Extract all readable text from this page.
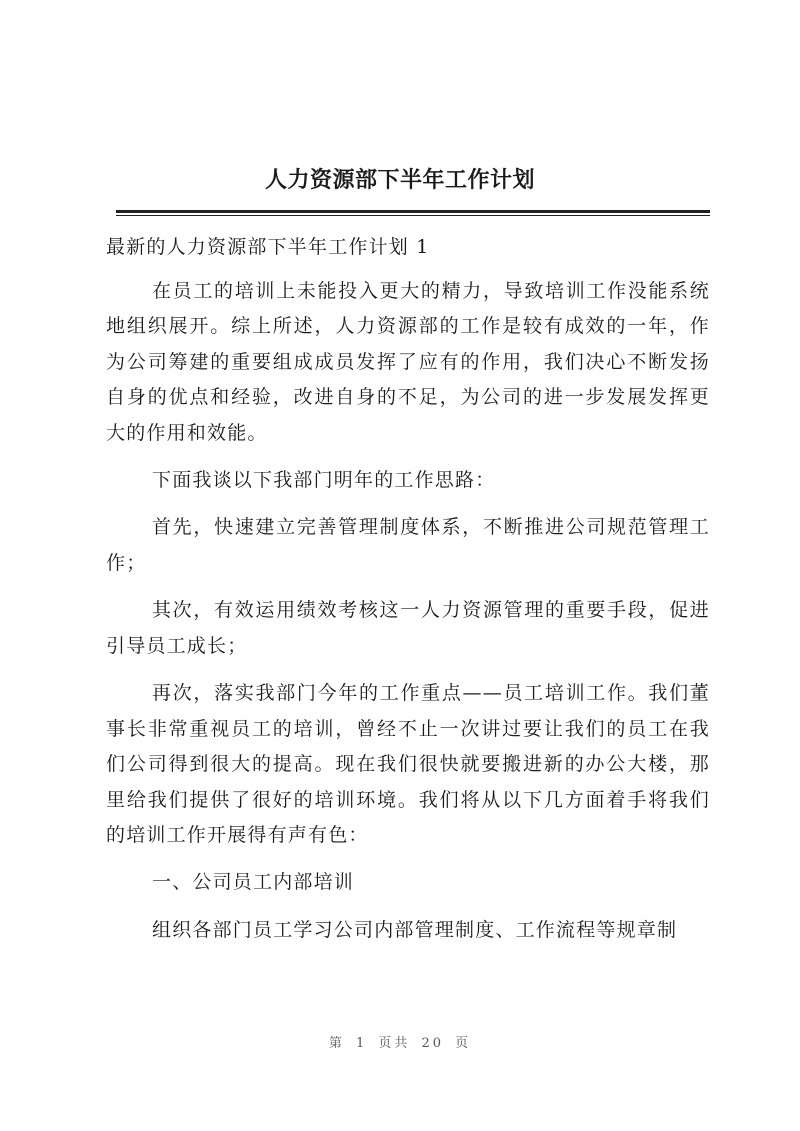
人力资源部下半年工作计划

最新的人力资源部下半年工作计划 1

在员工的培训上未能投入更大的精力，导致培训工作没能系统地组织展开。综上所述，人力资源部的工作是较有成效的一年，作为公司筹建的重要组成成员发挥了应有的作用，我们决心不断发扬自身的优点和经验，改进自身的不足，为公司的进一步发展发挥更大的作用和效能。

下面我谈以下我部门明年的工作思路：

首先，快速建立完善管理制度体系，不断推进公司规范管理工作；

其次，有效运用绩效考核这一人力资源管理的重要手段，促进引导员工成长；

再次，落实我部门今年的工作重点——员工培训工作。我们董事长非常重视员工的培训，曾经不止一次讲过要让我们的员工在我们公司得到很大的提高。现在我们很快就要搬进新的办公大楼，那里给我们提供了很好的培训环境。我们将从以下几方面着手将我们的培训工作开展得有声有色：

一、公司员工内部培训

组织各部门员工学习公司内部管理制度、工作流程等规章制

第 1 页共 20 页
